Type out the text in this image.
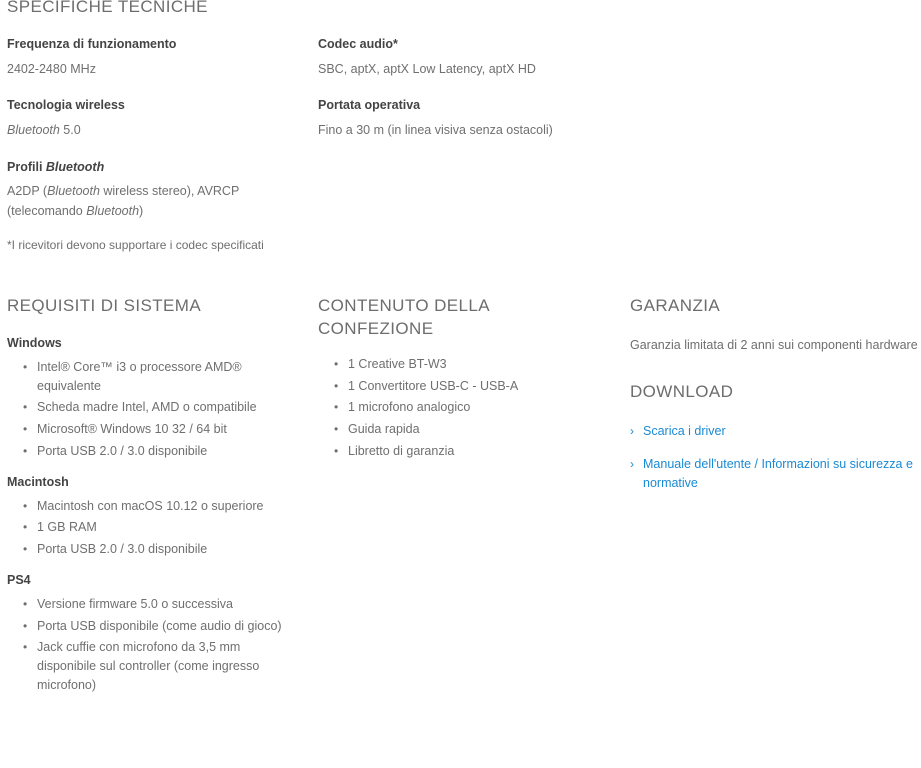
SPECIFICHE TECNICHE
Frequenza di funzionamento
2402-2480 MHz
Tecnologia wireless
Bluetooth 5.0
Profili Bluetooth
A2DP (Bluetooth wireless stereo), AVRCP (telecomando Bluetooth)
Codec audio*
SBC, aptX, aptX Low Latency, aptX HD
Portata operativa
Fino a 30 m (in linea visiva senza ostacoli)
*I ricevitori devono supportare i codec specificati
REQUISITI DI SISTEMA
Windows
• Intel® Core™ i3 o processore AMD® equivalente
• Scheda madre Intel, AMD o compatibile
• Microsoft® Windows 10 32 / 64 bit
• Porta USB 2.0 / 3.0 disponibile
Macintosh
• Macintosh con macOS 10.12 o superiore
• 1 GB RAM
• Porta USB 2.0 / 3.0 disponibile
PS4
• Versione firmware 5.0 o successiva
• Porta USB disponibile (come audio di gioco)
• Jack cuffie con microfono da 3,5 mm disponibile sul controller (come ingresso microfono)
CONTENUTO DELLA CONFEZIONE
• 1 Creative BT-W3
• 1 Convertitore USB-C - USB-A
• 1 microfono analogico
• Guida rapida
• Libretto di garanzia
GARANZIA
Garanzia limitata di 2 anni sui componenti hardware
DOWNLOAD
› Scarica i driver
› Manuale dell'utente / Informazioni su sicurezza e normative
